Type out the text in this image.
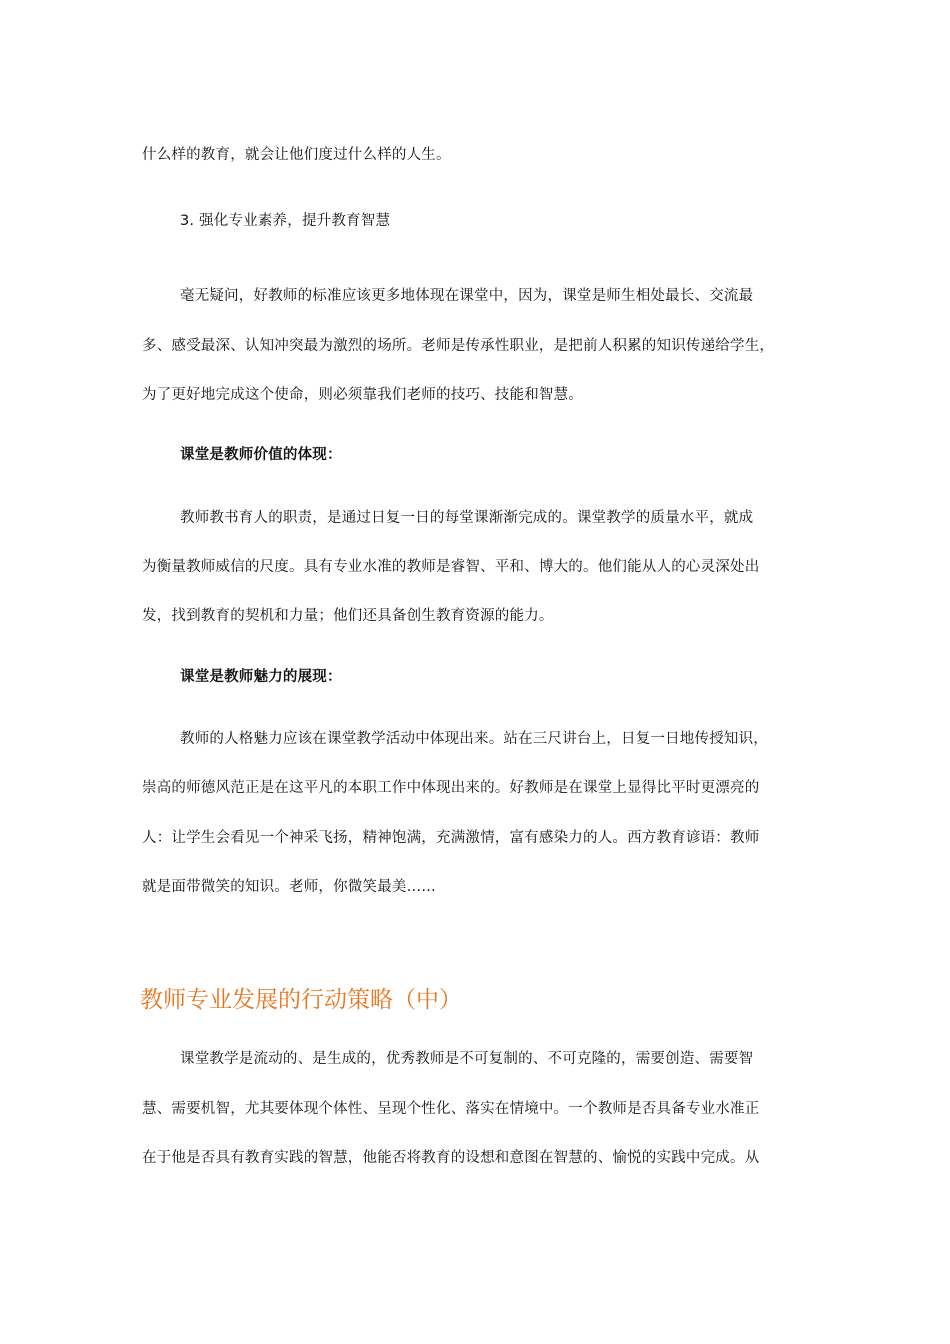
什么样的教育，就会让他们度过什么样的人生。
3. 强化专业素养，提升教育智慧
毫无疑问，好教师的标准应该更多地体现在课堂中，因为，课堂是师生相处最长、交流最
多、感受最深、认知冲突最为激烈的场所。老师是传承性职业，是把前人积累的知识传递给学生，
为了更好地完成这个使命，则必须靠我们老师的技巧、技能和智慧。
课堂是教师价值的体现：
教师教书育人的职责，是通过日复一日的每堂课渐渐完成的。课堂教学的质量水平，就成
为衡量教师威信的尺度。具有专业水准的教师是睿智、平和、博大的。他们能从人的心灵深处出
发，找到教育的契机和力量；他们还具备创生教育资源的能力。
课堂是教师魅力的展现：
教师的人格魅力应该在课堂教学活动中体现出来。站在三尺讲台上，日复一日地传授知识，
崇高的师德风范正是在这平凡的本职工作中体现出来的。好教师是在课堂上显得比平时更漂亮的
人：让学生会看见一个神采飞扬，精神饱满，充满激情，富有感染力的人。西方教育谚语：教师
就是面带微笑的知识。老师，你微笑最美……
教师专业发展的行动策略（中）
课堂教学是流动的、是生成的，优秀教师是不可复制的、不可克隆的，需要创造、需要智
慧、需要机智，尤其要体现个体性、呈现个性化、落实在情境中。一个教师是否具备专业水准正
在于他是否具有教育实践的智慧，他能否将教育的设想和意图在智慧的、愉悦的实践中完成。从
